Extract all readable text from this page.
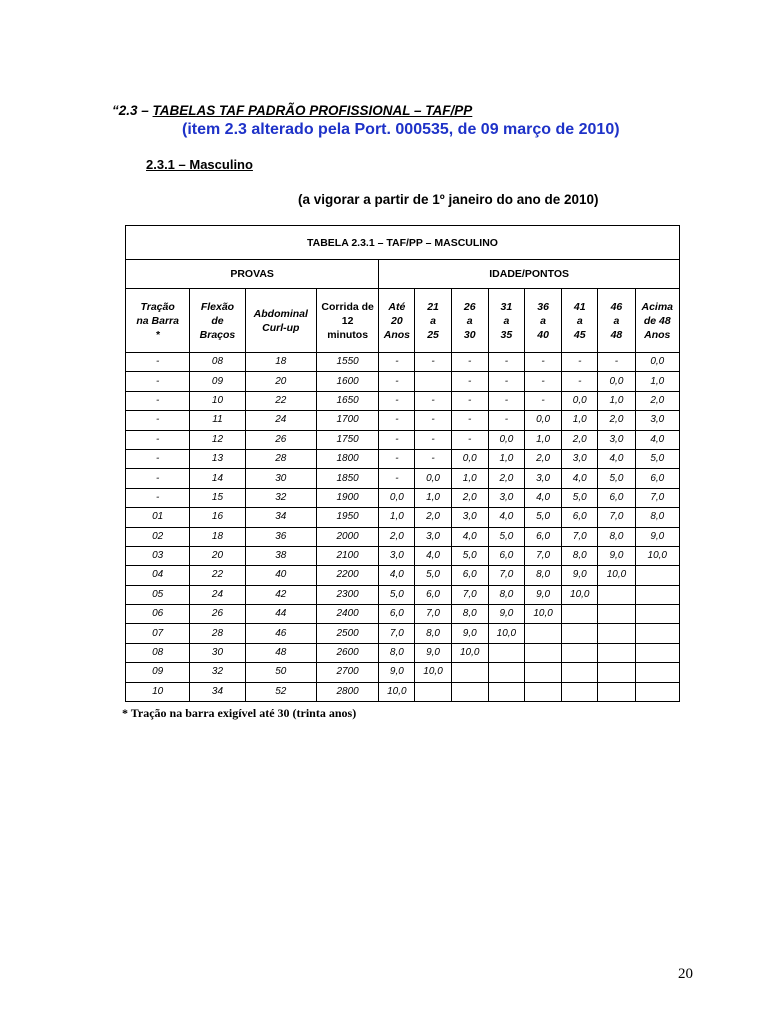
“2.3 – TABELAS TAF PADRÃO PROFISSIONAL – TAF/PP
(item 2.3 alterado pela Port. 000535, de 09 março de 2010)
2.3.1 – Masculino
(a vigorar a partir de 1º janeiro do ano de 2010)
TABELA 2.3.1 – TAF/PP – MASCULINO											
PROVAS				IDADE/PONTOS							

Tração
na Barra
*	Flexão
de
Braços	Abdominal
Curl-up	Corrida de
12
minutos	Até
20
Anos	21
a
25	26
a
30	31
a
35	36
a
40	41
a
45	46
a
48	Acima
de 48
Anos

-	08	18	1550	-	-	-	-	-	-	-	0,0
-	09	20	1600	-		-	-	-	-	0,0	1,0
-	10	22	1650	-	-	-	-	-	0,0	1,0	2,0
-	11	24	1700	-	-	-	-	0,0	1,0	2,0	3,0
-	12	26	1750	-	-	-	0,0	1,0	2,0	3,0	4,0
-	13	28	1800	-	-	0,0	1,0	2,0	3,0	4,0	5,0
-	14	30	1850	-	0,0	1,0	2,0	3,0	4,0	5,0	6,0
-	15	32	1900	0,0	1,0	2,0	3,0	4,0	5,0	6,0	7,0
01	16	34	1950	1,0	2,0	3,0	4,0	5,0	6,0	7,0	8,0
02	18	36	2000	2,0	3,0	4,0	5,0	6,0	7,0	8,0	9,0
03	20	38	2100	3,0	4,0	5,0	6,0	7,0	8,0	9,0	10,0
04	22	40	2200	4,0	5,0	6,0	7,0	8,0	9,0	10,0	
05	24	42	2300	5,0	6,0	7,0	8,0	9,0	10,0		
06	26	44	2400	6,0	7,0	8,0	9,0	10,0			
07	28	46	2500	7,0	8,0	9,0	10,0				
08	30	48	2600	8,0	9,0	10,0					
09	32	50	2700	9,0	10,0						
10	34	52	2800	10,0							
* Tração na barra exigível até 30 (trinta anos)
20
